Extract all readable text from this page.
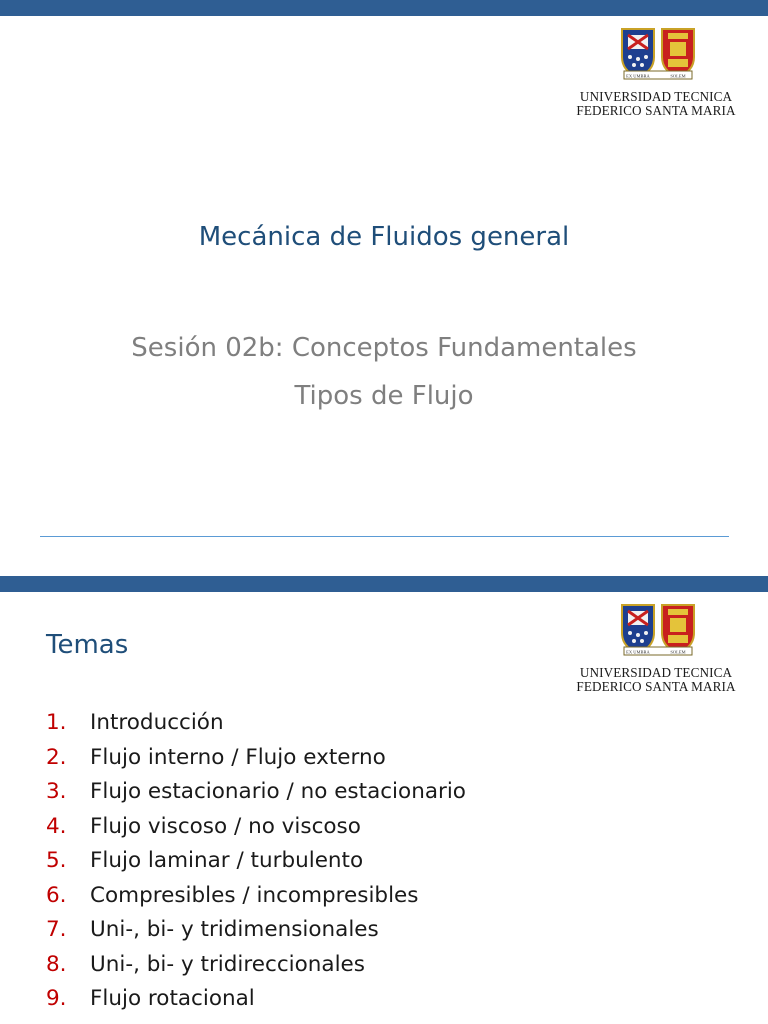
EX UMBRA	SOLEM
UNIVERSIDAD TECNICA
FEDERICO SANTA MARIA
Mecánica de Fluidos general
Sesión 02b: Conceptos Fundamentales
Tipos de Flujo
EX UMBRA	SOLEM
UNIVERSIDAD TECNICA
FEDERICO SANTA MARIA
Temas
1. Introducción
2. Flujo interno / Flujo externo
3. Flujo estacionario / no estacionario
4. Flujo viscoso / no viscoso
5. Flujo laminar / turbulento
6. Compresibles / incompresibles
7. Uni-, bi- y tridimensionales
8. Uni-, bi- y tridireccionales
9. Flujo rotacional
